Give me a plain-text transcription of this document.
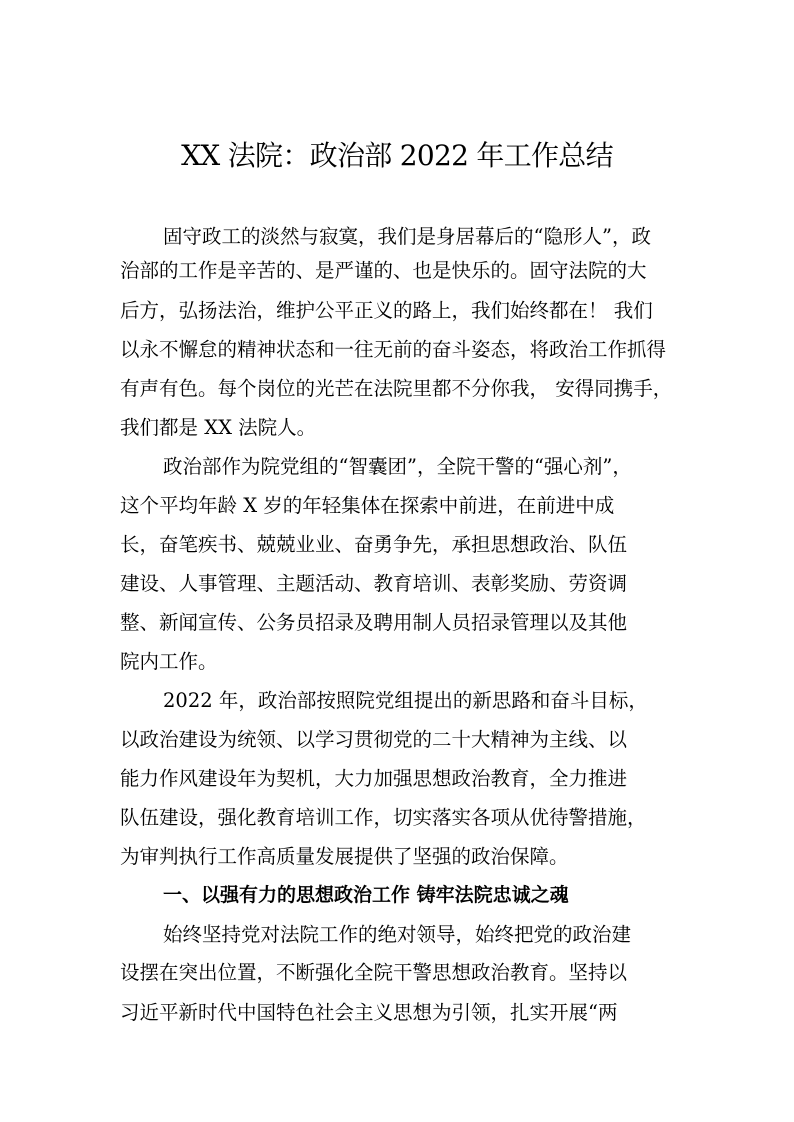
XX 法院：政治部 2022 年工作总结
固守政工的淡然与寂寞，我们是身居幕后的“隐形人”，政
治部的工作是辛苦的、是严谨的、也是快乐的。固守法院的大
后方，弘扬法治，维护公平正义的路上，我们始终都在！ 我们
以永不懈怠的精神状态和一往无前的奋斗姿态，将政治工作抓得
有声有色。每个岗位的光芒在法院里都不分你我， 安得同携手，
我们都是 XX 法院人。
政治部作为院党组的“智囊团”，全院干警的“强心剂”，
这个平均年龄 X 岁的年轻集体在探索中前进，在前进中成
长，奋笔疾书、兢兢业业、奋勇争先，承担思想政治、队伍
建设、人事管理、主题活动、教育培训、表彰奖励、劳资调
整、新闻宣传、公务员招录及聘用制人员招录管理以及其他
院内工作。
2022 年，政治部按照院党组提出的新思路和奋斗目标，
以政治建设为统领、以学习贯彻党的二十大精神为主线、以
能力作风建设年为契机，大力加强思想政治教育，全力推进
队伍建设，强化教育培训工作，切实落实各项从优待警措施，
为审判执行工作高质量发展提供了坚强的政治保障。
一、以强有力的思想政治工作 铸牢法院忠诚之魂
始终坚持党对法院工作的绝对领导，始终把党的政治建
设摆在突出位置，不断强化全院干警思想政治教育。坚持以
习近平新时代中国特色社会主义思想为引领，扎实开展“两
